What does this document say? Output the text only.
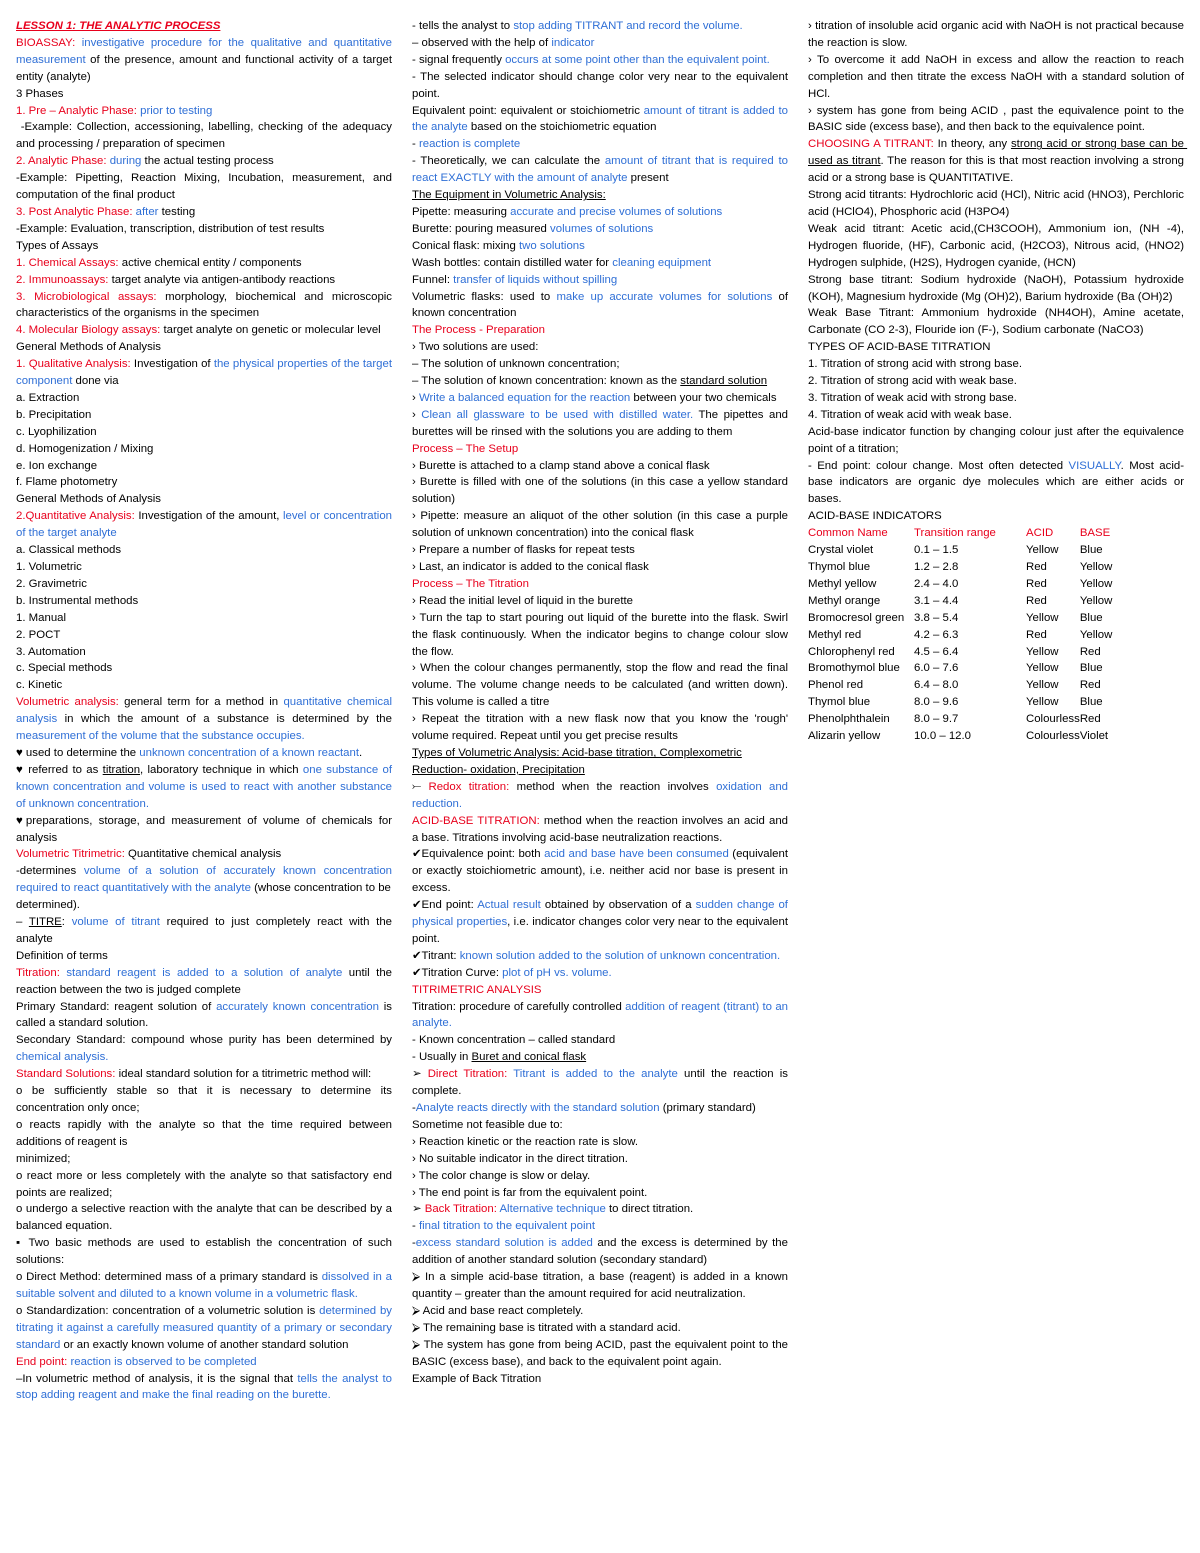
LESSON 1: THE ANALYTIC PROCESS

BIOASSAY: investigative procedure for the qualitative and quantitative measurement of the presence, amount and functional activity of a target entity (analyte)

3 Phases

1. Pre – Analytic Phase: prior to testing

-Example: Collection, accessioning, labelling, checking of the adequacy and processing / preparation of specimen

2. Analytic Phase: during the actual testing process

-Example: Pipetting, Reaction Mixing, Incubation, measurement, and computation of the final product

3. Post Analytic Phase: after testing

-Example: Evaluation, transcription, distribution of test results

Types of Assays

1. Chemical Assays: active chemical entity / components

2. Immunoassays: target analyte via antigen-antibody reactions

3. Microbiological assays: morphology, biochemical and microscopic characteristics of the organisms in the specimen

4. Molecular Biology assays: target analyte on genetic or molecular level

General Methods of Analysis

1. Qualitative Analysis: Investigation of the physical properties of the target component done via

a. Extraction

b. Precipitation

c. Lyophilization

d. Homogenization / Mixing

e. Ion exchange

f. Flame photometry

General Methods of Analysis

2.Quantitative Analysis: Investigation of the amount, level or concentration of the target analyte

a. Classical methods

1. Volumetric

2. Gravimetric

b. Instrumental methods

1. Manual

2. POCT

3. Automation

c. Special methods

c. Kinetic

Volumetric analysis: general term for a method in quantitative chemical analysis in which the amount of a substance is determined by the measurement of the volume that the substance occupies.

♥ used to determine the unknown concentration of a known reactant.

♥ referred to as titration, laboratory technique in which one substance of known concentration and volume is used to react with another substance of unknown concentration.

♥preparations, storage, and measurement of volume of chemicals for analysis

Volumetric Titrimetric: Quantitative chemical analysis

-determines volume of a solution of accurately known concentration required to react quantitatively with the analyte (whose concentration to be

determined).

– TITRE: volume of titrant required to just completely react with the analyte

Definition of terms

Titration: standard reagent is added to a solution of analyte until the reaction between the two is judged complete

Primary Standard: reagent solution of accurately known concentration is called a standard solution.

Secondary Standard: compound whose purity has been determined by chemical analysis.

Standard Solutions: ideal standard solution for a titrimetric method will:

o be sufficiently stable so that it is necessary to determine its concentration only once;

o reacts rapidly with the analyte so that the time required between additions of reagent is

minimized;

o react more or less completely with the analyte so that satisfactory end points are realized;

o undergo a selective reaction with the analyte that can be described by a balanced equation.

▪ Two basic methods are used to establish the concentration of such solutions:

o Direct Method: determined mass of a primary standard is dissolved in a suitable solvent and diluted to a known volume in a volumetric flask.

o Standardization: concentration of a volumetric solution is determined by titrating it against a carefully measured quantity of a primary or secondary standard or an exactly known volume of another standard solution

End point: reaction is observed to be completed

–In volumetric method of analysis, it is the signal that tells the analyst to stop adding reagent and make the final reading on the burette.

- tells the analyst to stop adding TITRANT and record the volume.

– observed with the help of indicator

- signal frequently occurs at some point other than the equivalent point.

- The selected indicator should change color very near to the equivalent point.

Equivalent point: equivalent or stoichiometric amount of titrant is added to the analyte based on the stoichiometric equation

- reaction is complete

- Theoretically, we can calculate the amount of titrant that is required to react EXACTLY with the amount of analyte present

The Equipment in Volumetric Analysis:

Pipette: measuring accurate and precise volumes of solutions

Burette: pouring measured volumes of solutions

Conical flask: mixing two solutions

Wash bottles: contain distilled water for cleaning equipment

Funnel: transfer of liquids without spilling

Volumetric flasks: used to make up accurate volumes for solutions of known concentration

The Process - Preparation

› Two solutions are used:

– The solution of unknown concentration;

– The solution of known concentration: known as the standard solution

› Write a balanced equation for the reaction between your two chemicals

› Clean all glassware to be used with distilled water. The pipettes and burettes will be rinsed with the solutions you are adding to them

Process – The Setup

› Burette is attached to a clamp stand above a conical flask

› Burette is filled with one of the solutions (in this case a yellow standard solution)

› Pipette: measure an aliquot of the other solution (in this case a purple solution of unknown concentration) into the conical flask

› Prepare a number of flasks for repeat tests

› Last, an indicator is added to the conical flask

Process – The Titration

› Read the initial level of liquid in the burette

› Turn the tap to start pouring out liquid of the burette into the flask. Swirl the flask continuously. When the indicator begins to change colour slow the flow.

› When the colour changes permanently, stop the flow and read the final volume. The volume change needs to be calculated (and written down). This volume is called a titre

› Repeat the titration with a new flask now that you know the 'rough' volume required. Repeat until you get precise results

Types of Volumetric Analysis: Acid-base titration, Complexometric

Reduction- oxidation, Precipitation

⤚ Redox titration: method when the reaction involves oxidation and reduction.

ACID-BASE TITRATION: method when the reaction involves an acid and a base. Titrations involving acid-base neutralization reactions.

✔Equivalence point: both acid and base have been consumed (equivalent or exactly stoichiometric amount), i.e. neither acid nor base is present in excess.

✔End point: Actual result obtained by observation of a sudden change of physical properties, i.e. indicator changes color very near to the equivalent point.

✔Titrant: known solution added to the solution of unknown concentration.

✔Titration Curve: plot of pH vs. volume.

TITRIMETRIC ANALYSIS

Titration: procedure of carefully controlled addition of reagent (titrant) to an analyte.

- Known concentration – called standard

- Usually in Buret and conical flask

➢ Direct Titration: Titrant is added to the analyte until the reaction is complete.

-Analyte reacts directly with the standard solution (primary standard)

Sometime not feasible due to:

› Reaction kinetic or the reaction rate is slow.

› No suitable indicator in the direct titration.

› The color change is slow or delay.

› The end point is far from the equivalent point.

➢ Back Titration: Alternative technique to direct titration.

- final titration to the equivalent point

-excess standard solution is added and the excess is determined by the addition of another standard solution (secondary standard)

⮚ In a simple acid-base titration, a base (reagent) is added in a known quantity – greater than the amount required for acid neutralization.

⮚ Acid and base react completely.

⮚ The remaining base is titrated with a standard acid.

⮚ The system has gone from being ACID, past the equivalent point to the BASIC (excess base), and back to the equivalent point again.

Example of Back Titration

› titration of insoluble acid organic acid with NaOH is not practical because the reaction is slow.

› To overcome it add NaOH in excess and allow the reaction to reach completion and then titrate the excess NaOH with a standard solution of HCl.

› system has gone from being ACID , past the equivalence point to the BASIC side (excess base), and then back to the equivalence point.

CHOOSING A TITRANT: In theory, any strong acid or strong base can be used as titrant. The reason for this is that most reaction involving a strong acid or a strong base is QUANTITATIVE.

Strong acid titrants: Hydrochloric acid (HCl), Nitric acid (HNO3), Perchloric acid (HClO4), Phosphoric acid (H3PO4)

Weak acid titrant: Acetic acid,(CH3COOH), Ammonium ion, (NH -4), Hydrogen fluoride, (HF), Carbonic acid, (H2CO3), Nitrous acid, (HNO2) Hydrogen sulphide, (H2S), Hydrogen cyanide, (HCN)

Strong base titrant: Sodium hydroxide (NaOH), Potassium hydroxide (KOH), Magnesium hydroxide (Mg (OH)2), Barium hydroxide (Ba (OH)2)

Weak Base Titrant: Ammonium hydroxide (NH4OH), Amine acetate, Carbonate (CO 2-3), Flouride ion (F-), Sodium carbonate (NaCO3)

TYPES OF ACID-BASE TITRATION

1. Titration of strong acid with strong base.

2. Titration of strong acid with weak base.

3. Titration of weak acid with strong base.

4. Titration of weak acid with weak base.

Acid-base indicator function by changing colour just after the equivalence point of a titration;

- End point: colour change. Most often detected VISUALLY. Most acid-base indicators are organic dye molecules which are either acids or bases.

ACID-BASE INDICATORS

Common Name	Transition range	ACID	BASE
Crystal violet	0.1 – 1.5	Yellow	Blue
Thymol blue	1.2 – 2.8	Red	Yellow
Methyl yellow	2.4 – 4.0	Red	Yellow
Methyl orange	3.1 – 4.4	Red	Yellow
Bromocresol green	3.8 – 5.4	Yellow	Blue
Methyl red	4.2 – 6.3	Red	Yellow
Chlorophenyl red	4.5 – 6.4	Yellow	Red
Bromothymol blue	6.0 – 7.6	Yellow	Blue
Phenol red	6.4 – 8.0	Yellow	Red
Thymol blue	8.0 – 9.6	Yellow	Blue
Phenolphthalein	8.0 – 9.7	Colourless	Red
Alizarin yellow	10.0 – 12.0	Colourless	Violet
